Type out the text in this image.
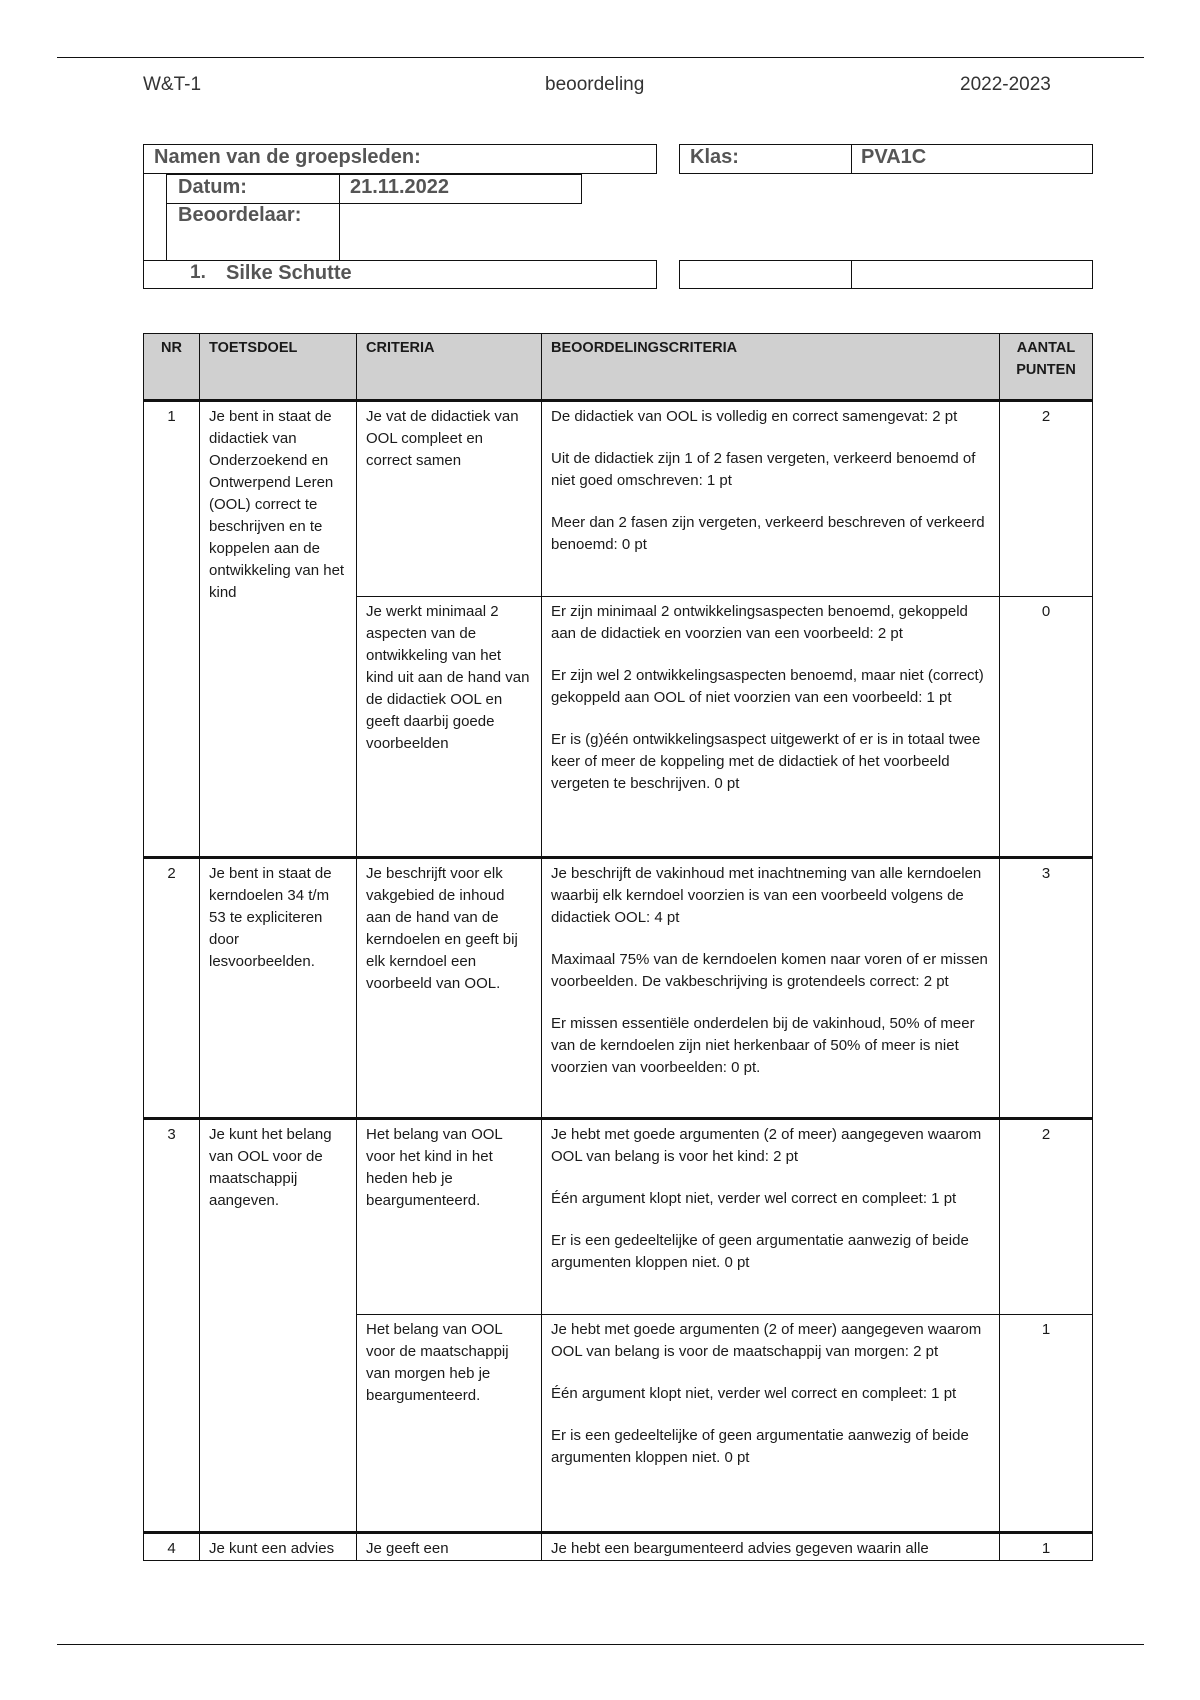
W&T-1	beoordeling	2022-2023
Namen van de groepsleden:
Datum:	21.11.2022
Beoordelaar:
1. Silke Schutte
Klas:	PVA1C
NR	TOETSDOEL	CRITERIA	BEOORDELINGSCRITERIA	AANTAL PUNTEN
1	Je bent in staat de didactiek van Onderzoekend en Ontwerpend Leren (OOL) correct te beschrijven en te koppelen aan de ontwikkeling van het kind	Je vat de didactiek van OOL compleet en correct samen	De didactiek van OOL is volledig en correct samengevat: 2 pt

Uit de didactiek zijn 1 of 2 fasen vergeten, verkeerd benoemd of niet goed omschreven: 1 pt

Meer dan 2 fasen zijn vergeten, verkeerd beschreven of verkeerd benoemd: 0 pt	2
		Je werkt minimaal 2 aspecten van de ontwikkeling van het kind uit aan de hand van de didactiek OOL en geeft daarbij goede voorbeelden	Er zijn minimaal 2 ontwikkelingsaspecten benoemd, gekoppeld aan de didactiek en voorzien van een voorbeeld: 2 pt

Er zijn wel 2 ontwikkelingsaspecten benoemd, maar niet (correct) gekoppeld aan OOL of niet voorzien van een voorbeeld: 1 pt

Er is (g)één ontwikkelingsaspect uitgewerkt of er is in totaal twee keer of meer de koppeling met de didactiek of het voorbeeld vergeten te beschrijven. 0 pt	0
2	Je bent in staat de kerndoelen 34 t/m 53 te expliciteren door lesvoorbeelden.	Je beschrijft voor elk vakgebied de inhoud aan de hand van de kerndoelen en geeft bij elk kerndoel een voorbeeld van OOL.	Je beschrijft de vakinhoud met inachtneming van alle kerndoelen waarbij elk kerndoel voorzien is van een voorbeeld volgens de didactiek OOL: 4 pt

Maximaal 75% van de kerndoelen komen naar voren of er missen voorbeelden. De vakbeschrijving is grotendeels correct: 2 pt

Er missen essentiële onderdelen bij de vakinhoud, 50% of meer van de kerndoelen zijn niet herkenbaar of 50% of meer is niet voorzien van voorbeelden: 0 pt.	3
3	Je kunt het belang van OOL voor de maatschappij aangeven.	Het belang van OOL voor het kind in het heden heb je beargumenteerd.	Je hebt met goede argumenten (2 of meer) aangegeven waarom OOL van belang is voor het kind: 2 pt

Één argument klopt niet, verder wel correct en compleet: 1 pt

Er is een gedeeltelijke of geen argumentatie aanwezig of beide argumenten kloppen niet. 0 pt	2
		Het belang van OOL voor de maatschappij van morgen heb je beargumenteerd.	Je hebt met goede argumenten (2 of meer) aangegeven waarom OOL van belang is voor de maatschappij van morgen: 2 pt

Één argument klopt niet, verder wel correct en compleet: 1 pt

Er is een gedeeltelijke of geen argumentatie aanwezig of beide argumenten kloppen niet. 0 pt	1
4	Je kunt een advies	Je geeft een	Je hebt een beargumenteerd advies gegeven waarin alle	1
